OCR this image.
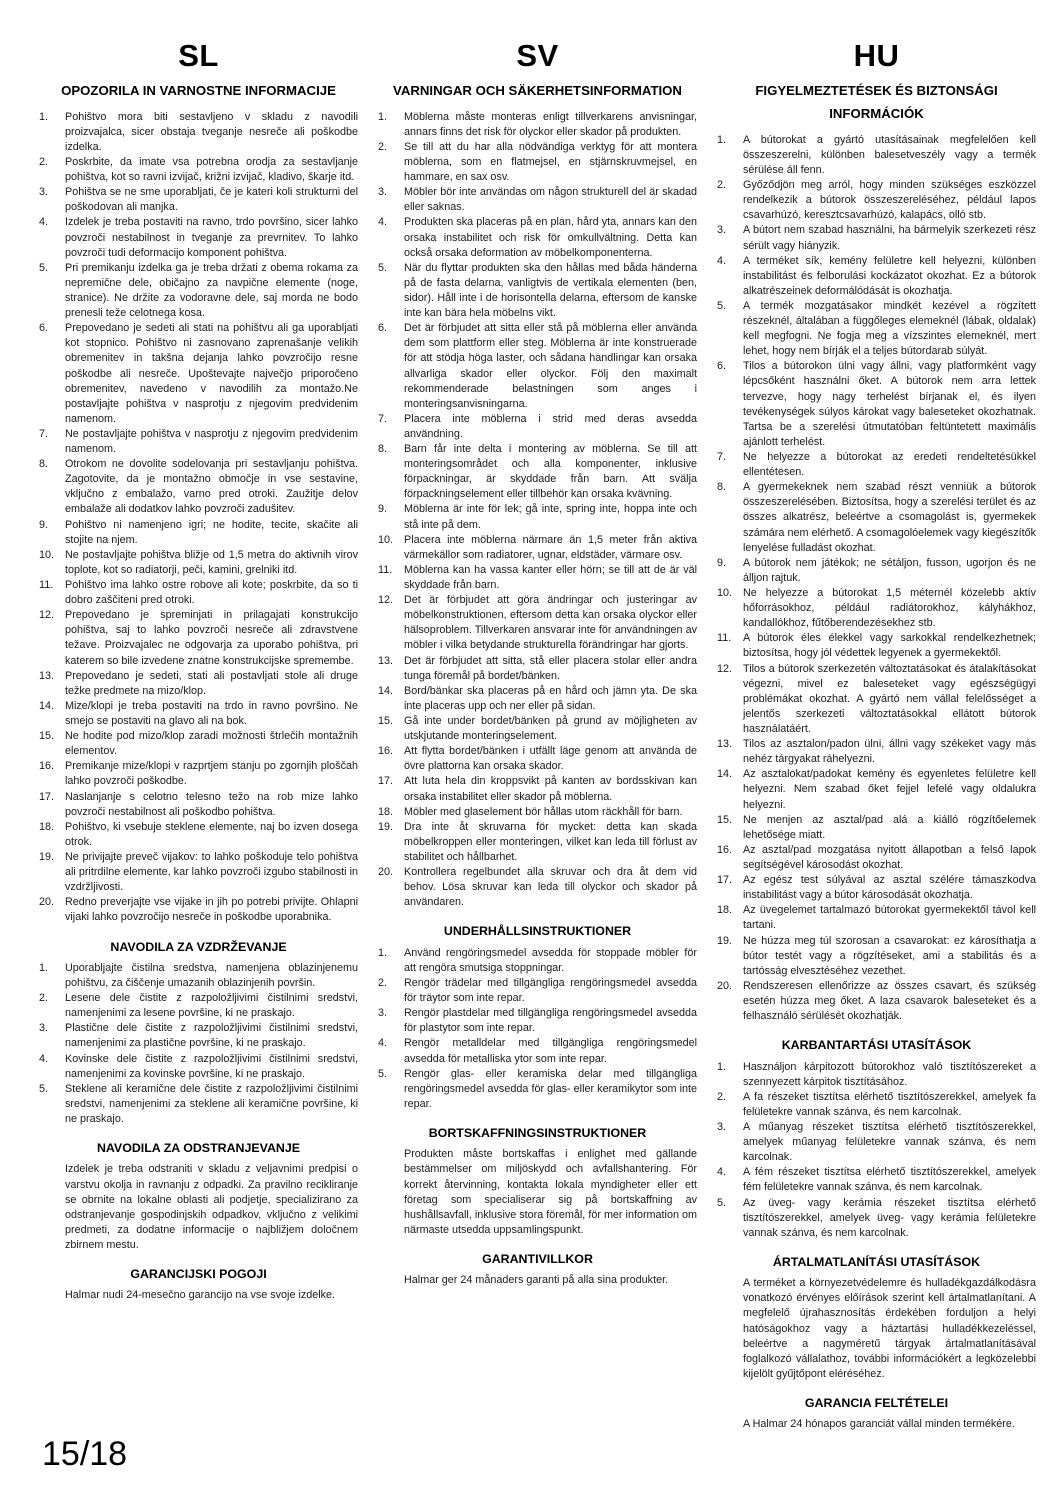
SL
OPOZORILA IN VARNOSTNE INFORMACIJE
1.	Pohištvo mora biti sestavljeno v skladu z navodili proizvajalca, sicer obstaja tveganje nesreče ali poškodbe izdelka.
2.	Poskrbite, da imate vsa potrebna orodja za sestavljanje pohištva, kot so ravni izvijač, križni izvijač, kladivo, škarje itd.
3.	Pohištva se ne sme uporabljati, če je kateri koli strukturni del poškodovan ali manjka.
4.	Izdelek je treba postaviti na ravno, trdo površino, sicer lahko povzroči nestabilnost in tveganje za prevrnitev. To lahko povzroči tudi deformacijo komponent pohištva.
5.	Pri premikanju izdelka ga je treba držati z obema rokama za nepremične dele, običajno za navpične elemente (noge, stranice). Ne držite za vodoravne dele, saj morda ne bodo prenesli teže celotnega kosa.
6.	Prepovedano je sedeti ali stati na pohištvu ali ga uporabljati kot stopnico. Pohištvo ni zasnovano zaprenašanje velikih obremenitev in takšna dejanja lahko povzročijo resne poškodbe ali nesreče. Upoštevajte največjo priporočeno obremenitev, navedeno v navodilih za montažo.Ne postavljajte pohištva v nasprotju z njegovim predvidenim namenom.
7.	Ne postavljajte pohištva v nasprotju z njegovim predvidenim namenom.
8.	Otrokom ne dovolite sodelovanja pri sestavljanju pohištva. Zagotovite, da je montažno območje in vse sestavine, vključno z embalažo, varno pred otroki. Zaužitje delov embalaže ali dodatkov lahko povzroči zadušitev.
9.	Pohištvo ni namenjeno igri; ne hodite, tecite, skačite ali stojite na njem.
10.	Ne postavljajte pohištva bližje od 1,5 metra do aktivnih virov toplote, kot so radiatorji, peči, kamini, grelniki itd.
11.	Pohištvo ima lahko ostre robove ali kote; poskrbite, da so ti dobro zaščiteni pred otroki.
12.	Prepovedano je spreminjati in prilagajati konstrukcijo pohištva, saj to lahko povzroči nesreče ali zdravstvene težave. Proizvajalec ne odgovarja za uporabo pohištva, pri katerem so bile izvedene znatne konstrukcijske spremembe.
13.	Prepovedano je sedeti, stati ali postavljati stole ali druge težke predmete na mizo/klop.
14.	Mize/klopi je treba postaviti na trdo in ravno površino. Ne smejo se postaviti na glavo ali na bok.
15.	Ne hodite pod mizo/klop zaradi možnosti štrlečih montažnih elementov.
16.	Premikanje mize/klopi v razprtjem stanju po zgornjih ploščah lahko povzroči poškodbe.
17.	Naslanjanje s celotno telesno težo na rob mize lahko povzroči nestabilnost ali poškodbo pohištva.
18.	Pohištvo, ki vsebuje steklene elemente, naj bo izven dosega otrok.
19.	Ne privijajte preveč vijakov: to lahko poškoduje telo pohištva ali pritrdilne elemente, kar lahko povzroči izgubo stabilnosti in vzdržljivosti.
20.	Redno preverjajte vse vijake in jih po potrebi privijte. Ohlapni vijaki lahko povzročijo nesreče in poškodbe uporabnika.
NAVODILA ZA VZDRŽEVANJE
1.	Uporabljajte čistilna sredstva, namenjena oblazinjenemu pohištvu, za čiščenje umazanih oblazinjenih površin.
2.	Lesene dele čistite z razpoložljivimi čistilnimi sredstvi, namenjenimi za lesene površine, ki ne praskajo.
3.	Plastične dele čistite z razpoložljivimi čistilnimi sredstvi, namenjenimi za plastične površine, ki ne praskajo.
4.	Kovinske dele čistite z razpoložljivimi čistilnimi sredstvi, namenjenimi za kovinske površine, ki ne praskajo.
5.	Steklene ali keramične dele čistite z razpoložljivimi čistilnimi sredstvi, namenjenimi za steklene ali keramične površine, ki ne praskajo.
NAVODILA ZA ODSTRANJEVANJE

Izdelek je treba odstraniti v skladu z veljavnimi predpisi o varstvu okolja in ravnanju z odpadki. Za pravilno recikliranje se obrnite na lokalne oblasti ali podjetje, specializirano za odstranjevanje gospodinjskih odpadkov, vključno z velikimi predmeti, za dodatne informacije o najbližjem določnem zbirnem mestu.

GARANCIJSKI POGOJI

Halmar nudi 24-mesečno garancijo na vse svoje izdelke.

SV
VARNINGAR OCH SÄKERHETSINFORMATION
1.	Möblerna måste monteras enligt tillverkarens anvisningar, annars finns det risk för olyckor eller skador på produkten.
2.	Se till att du har alla nödvändiga verktyg för att montera möblerna, som en flatmejsel, en stjärnskruvmejsel, en hammare, en sax osv.
3.	Möbler bör inte användas om någon strukturell del är skadad eller saknas.
4.	Produkten ska placeras på en plan, hård yta, annars kan den orsaka instabilitet och risk för omkullvältning. Detta kan också orsaka deformation av möbelkomponenterna.
5.	När du flyttar produkten ska den hållas med båda händerna på de fasta delarna, vanligtvis de vertikala elementen (ben, sidor). Håll inte i de horisontella delarna, eftersom de kanske inte kan bära hela möbelns vikt.
6.	Det är förbjudet att sitta eller stå på möblerna eller använda dem som plattform eller steg. Möblerna är inte konstruerade för att stödja höga laster, och sådana handlingar kan orsaka allvarliga skador eller olyckor. Följ den maximalt rekommenderade belastningen som anges i monteringsanvisningarna.
7.	Placera inte möblerna i strid med deras avsedda användning.
8.	Barn får inte delta i montering av möblerna. Se till att monteringsområdet och alla komponenter, inklusive förpackningar, är skyddade från barn. Att svälja förpackningselement eller tillbehör kan orsaka kvävning.
9.	Möblerna är inte för lek; gå inte, spring inte, hoppa inte och stå inte på dem.
10.	Placera inte möblerna närmare än 1,5 meter från aktiva värmekällor som radiatorer, ugnar, eldstäder, värmare osv.
11.	Möblerna kan ha vassa kanter eller hörn; se till att de är väl skyddade från barn.
12.	Det är förbjudet att göra ändringar och justeringar av möbelkonstruktionen, eftersom detta kan orsaka olyckor eller hälsoproblem. Tillverkaren ansvarar inte för användningen av möbler i vilka betydande strukturella förändringar har gjorts.
13.	Det är förbjudet att sitta, stå eller placera stolar eller andra tunga föremål på bordet/bänken.
14.	Bord/bänkar ska placeras på en hård och jämn yta. De ska inte placeras upp och ner eller på sidan.
15.	Gå inte under bordet/bänken på grund av möjligheten av utskjutande monteringselement.
16.	Att flytta bordet/bänken i utfällt läge genom att använda de övre plattorna kan orsaka skador.
17.	Att luta hela din kroppsvikt på kanten av bordsskivan kan orsaka instabilitet eller skador på möblerna.
18.	Möbler med glaselement bör hållas utom räckhåll för barn.
19.	Dra inte åt skruvarna för mycket: detta kan skada möbelkroppen eller monteringen, vilket kan leda till förlust av stabilitet och hållbarhet.
20.	Kontrollera regelbundet alla skruvar och dra åt dem vid behov. Lösa skruvar kan leda till olyckor och skador på användaren.
UNDERHÅLLSINSTRUKTIONER
1.	Använd rengöringsmedel avsedda för stoppade möbler för att rengöra smutsiga stoppningar.
2.	Rengör trädelar med tillgängliga rengöringsmedel avsedda för träytor som inte repar.
3.	Rengör plastdelar med tillgängliga rengöringsmedel avsedda för plastytor som inte repar.
4.	Rengör metalldelar med tillgängliga rengöringsmedel avsedda för metalliska ytor som inte repar.
5.	Rengör glas- eller keramiska delar med tillgängliga rengöringsmedel avsedda för glas- eller keramikytor som inte repar.
BORTSKAFFNINGSINSTRUKTIONER

Produkten måste bortskaffas i enlighet med gällande bestämmelser om miljöskydd och avfallshantering. För korrekt återvinning, kontakta lokala myndigheter eller ett företag som specialiserar sig på bortskaffning av hushållsavfall, inklusive stora föremål, för mer information om närmaste utsedda uppsamlingspunkt.

GARANTIVILLKOR

Halmar ger 24 månaders garanti på alla sina produkter.

HU
FIGYELMEZTETÉSEK ÉS BIZTONSÁGI INFORMÁCIÓK
1.	A bútorokat a gyártó utasításainak megfelelően kell összeszerelni, különben balesetveszély vagy a termék sérülése áll fenn.
2.	Győződjön meg arról, hogy minden szükséges eszközzel rendelkezik a bútorok összeszereléséhez, például lapos csavarhúzó, keresztcsavarhúzó, kalapács, olló stb.
3.	A bútort nem szabad használni, ha bármelyik szerkezeti rész sérült vagy hiányzik.
4.	A terméket sík, kemény felületre kell helyezni, különben instabilitást és felborulási kockázatot okozhat. Ez a bútorok alkatrészeinek deformálódását is okozhatja.
5.	A termék mozgatásakor mindkét kezével a rögzített részeknél, általában a függőleges elemeknél (lábak, oldalak) kell megfogni. Ne fogja meg a vízszintes elemeknél, mert lehet, hogy nem bírják el a teljes bútordarab súlyát.
6.	Tilos a bútorokon ülni vagy állni, vagy platformként vagy lépcsőként használni őket. A bútorok nem arra lettek tervezve, hogy nagy terhelést bírjanak el, és ilyen tevékenységek súlyos károkat vagy baleseteket okozhatnak. Tartsa be a szerelési útmutatóban feltüntetett maximális ajánlott terhelést.
7.	Ne helyezze a bútorokat az eredeti rendeltetésükkel ellentétesen.
8.	A gyermekeknek nem szabad részt venniük a bútorok összeszerelésében. Biztosítsa, hogy a szerelési terület és az összes alkatrész, beleértve a csomagolást is, gyermekek számára nem elérhető. A csomagolóelemek vagy kiegészítők lenyelése fulladást okozhat.
9.	A bútorok nem játékok; ne sétáljon, fusson, ugorjon és ne álljon rajtuk.
10.	Ne helyezze a bútorokat 1,5 méternél közelebb aktív hőforrásokhoz, például radiátorokhoz, kályhákhoz, kandallókhoz, fűtőberendezésekhez stb.
11.	A bútorok éles élekkel vagy sarkokkal rendelkezhetnek; biztosítsa, hogy jól védettek legyenek a gyermekektől.
12.	Tilos a bútorok szerkezetén változtatásokat és átalakításokat végezni, mivel ez baleseteket vagy egészségügyi problémákat okozhat. A gyártó nem vállal felelősséget a jelentős szerkezeti változtatásokkal ellátott bútorok használatáért.
13.	Tilos az asztalon/padon ülni, állni vagy székeket vagy más nehéz tárgyakat ráhelyezni.
14.	Az asztalokat/padokat kemény és egyenletes felületre kell helyezni. Nem szabad őket fejjel lefelé vagy oldalukra helyezni.
15.	Ne menjen az asztal/pad alá a kiálló rögzítőelemek lehetősége miatt.
16.	Az asztal/pad mozgatása nyitott állapotban a felső lapok segítségével károsodást okozhat.
17.	Az egész test súlyával az asztal szélére támaszkodva instabilitást vagy a bútor károsodását okozhatja.
18.	Az üvegelemet tartalmazó bútorokat gyermekektől távol kell tartani.
19.	Ne húzza meg túl szorosan a csavarokat: ez károsíthatja a bútor testét vagy a rögzítéseket, ami a stabilitás és a tartósság elvesztéséhez vezethet.
20.	Rendszeresen ellenőrizze az összes csavart, és szükség esetén húzza meg őket. A laza csavarok baleseteket és a felhasználó sérülését okozhatják.
KARBANTARTÁSI UTASÍTÁSOK
1.	Használjon kárpitozott bútorokhoz való tisztítószereket a szennyezett kárpitok tisztításához.
2.	A fa részeket tisztítsa elérhető tisztítószerekkel, amelyek fa felületekre vannak szánva, és nem karcolnak.
3.	A műanyag részeket tisztítsa elérhető tisztítószerekkel, amelyek műanyag felületekre vannak szánva, és nem karcolnak.
4.	A fém részeket tisztítsa elérhető tisztítószerekkel, amelyek fém felületekre vannak szánva, és nem karcolnak.
5.	Az üveg- vagy kerámia részeket tisztítsa elérhető tisztítószerekkel, amelyek üveg- vagy kerámia felületekre vannak szánva, és nem karcolnak.
ÁRTALMATLANÍTÁSI UTASÍTÁSOK

A terméket a környezetvédelemre és hulladékgazdálkodásra vonatkozó érvényes előírások szerint kell ártalmatlanítani. A megfelelő újrahasznosítás érdekében forduljon a helyi hatóságokhoz vagy a háztartási hulladékkezeléssel, beleértve a nagyméretű tárgyak ártalmatlanításával foglalkozó vállalathoz, további információkért a legközelebbi kijelölt gyűjtőpont eléréséhez.

GARANCIA FELTÉTELEI

A Halmar 24 hónapos garanciát vállal minden termékére.

15/18
